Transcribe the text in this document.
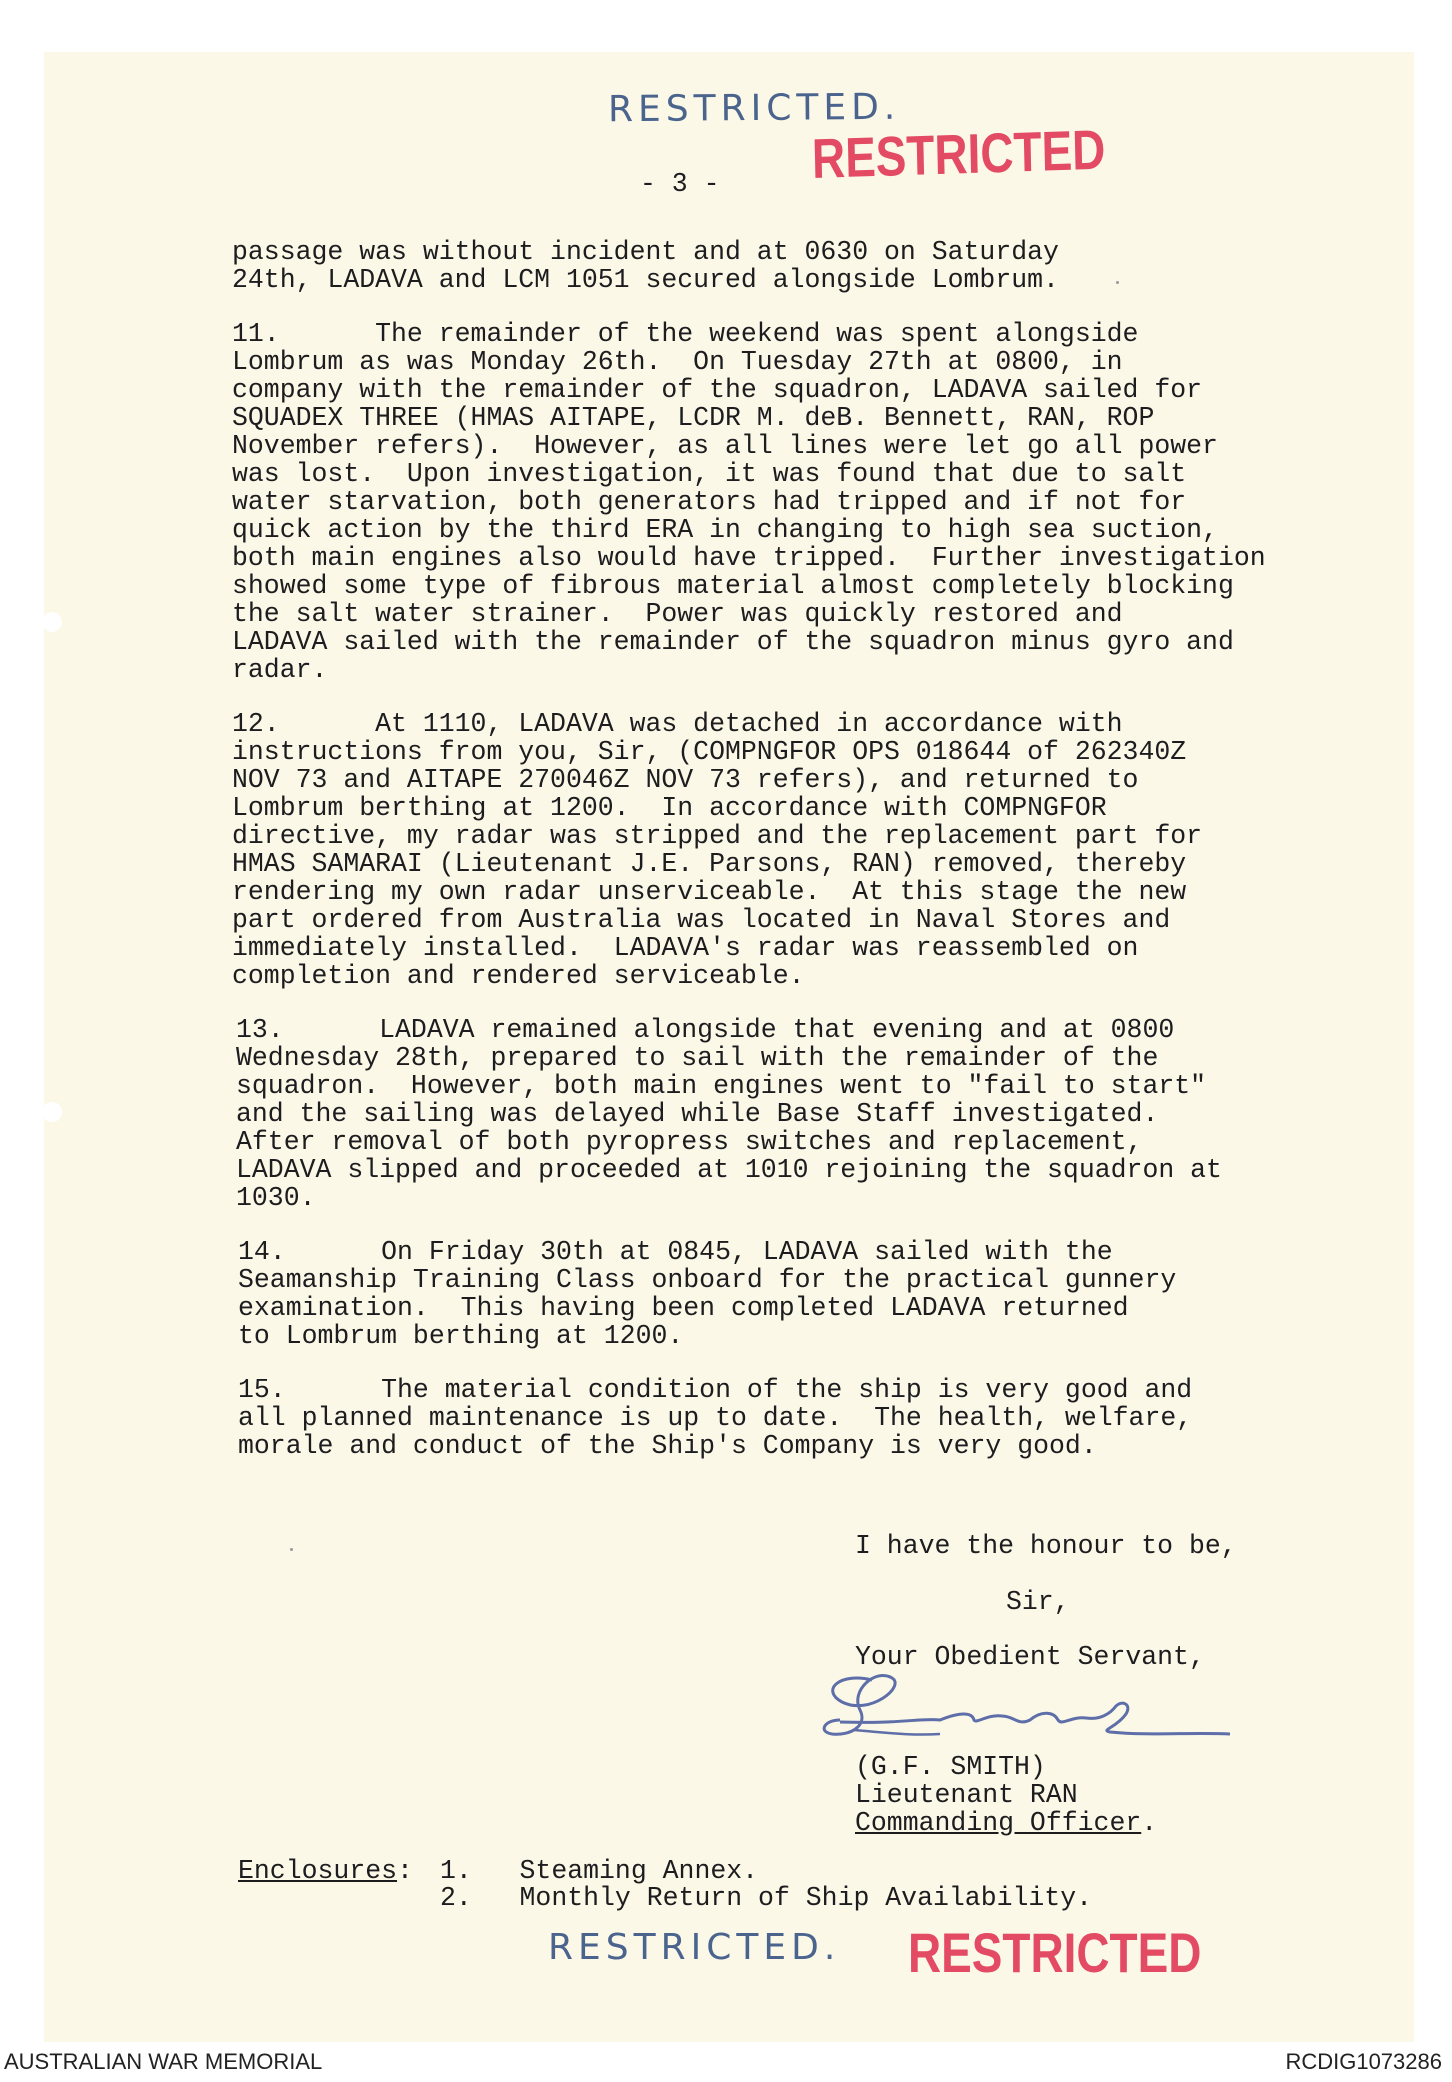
RESTRICTED.
RESTRICTED
- 3 -
passage was without incident and at 0630 on Saturday
24th, LADAVA and LCM 1051 secured alongside Lombrum.
11.      The remainder of the weekend was spent alongside
Lombrum as was Monday 26th.  On Tuesday 27th at 0800, in
company with the remainder of the squadron, LADAVA sailed for
SQUADEX THREE (HMAS AITAPE, LCDR M. deB. Bennett, RAN, ROP
November refers).  However, as all lines were let go all power
was lost.  Upon investigation, it was found that due to salt
water starvation, both generators had tripped and if not for
quick action by the third ERA in changing to high sea suction,
both main engines also would have tripped.  Further investigation
showed some type of fibrous material almost completely blocking
the salt water strainer.  Power was quickly restored and
LADAVA sailed with the remainder of the squadron minus gyro and
radar.
12.      At 1110, LADAVA was detached in accordance with
instructions from you, Sir, (COMPNGFOR OPS 018644 of 262340Z
NOV 73 and AITAPE 270046Z NOV 73 refers), and returned to
Lombrum berthing at 1200.  In accordance with COMPNGFOR
directive, my radar was stripped and the replacement part for
HMAS SAMARAI (Lieutenant J.E. Parsons, RAN) removed, thereby
rendering my own radar unserviceable.  At this stage the new
part ordered from Australia was located in Naval Stores and
immediately installed.  LADAVA's radar was reassembled on
completion and rendered serviceable.
13.      LADAVA remained alongside that evening and at 0800
Wednesday 28th, prepared to sail with the remainder of the
squadron.  However, both main engines went to "fail to start"
and the sailing was delayed while Base Staff investigated.
After removal of both pyropress switches and replacement,
LADAVA slipped and proceeded at 1010 rejoining the squadron at
1030.
14.      On Friday 30th at 0845, LADAVA sailed with the
Seamanship Training Class onboard for the practical gunnery
examination.  This having been completed LADAVA returned
to Lombrum berthing at 1200.
15.      The material condition of the ship is very good and
all planned maintenance is up to date.  The health, welfare,
morale and conduct of the Ship's Company is very good.
I have the honour to be,
Sir,
Your Obedient Servant,
(G.F. SMITH)
Lieutenant RAN
Commanding Officer.
Enclosures: 1.   Steaming Annex.
2.   Monthly Return of Ship Availability.
RESTRICTED. RESTRICTED
AUSTRALIAN WAR MEMORIAL	RCDIG1073286
